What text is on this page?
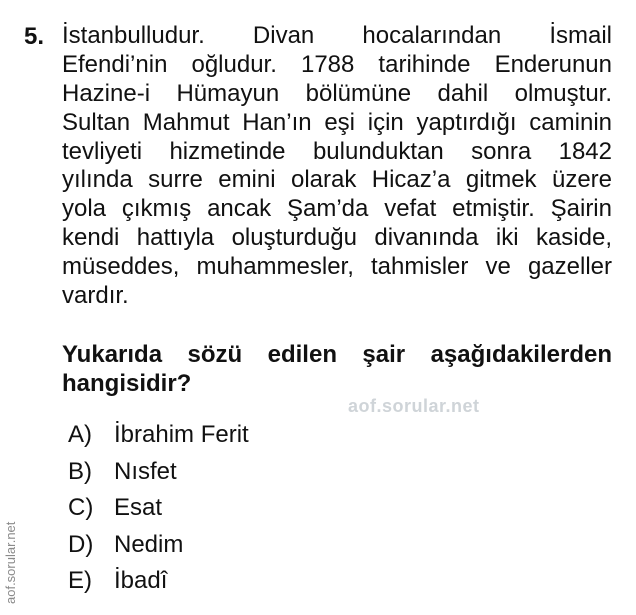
5. İstanbulludur. Divan hocalarından İsmail
Efendi’nin oğludur. 1788 tarihinde Enderunun
Hazine-i Hümayun bölümüne dahil olmuştur.
Sultan Mahmut Han’ın eşi için yaptırdığı caminin
tevliyeti hizmetinde bulunduktan sonra 1842
yılında surre emini olarak Hicaz’a gitmek üzere
yola çıkmış ancak Şam’da vefat etmiştir. Şairin
kendi hattıyla oluşturduğu divanında iki kaside,
müseddes, muhammesler, tahmisler ve gazeller
vardır.
Yukarıda sözü edilen şair aşağıdakilerden
hangisidir?
aof.sorular.net
A) İbrahim Ferit
B) Nısfet
C) Esat
D) Nedim
E) İbadî
aof.sorular.net
